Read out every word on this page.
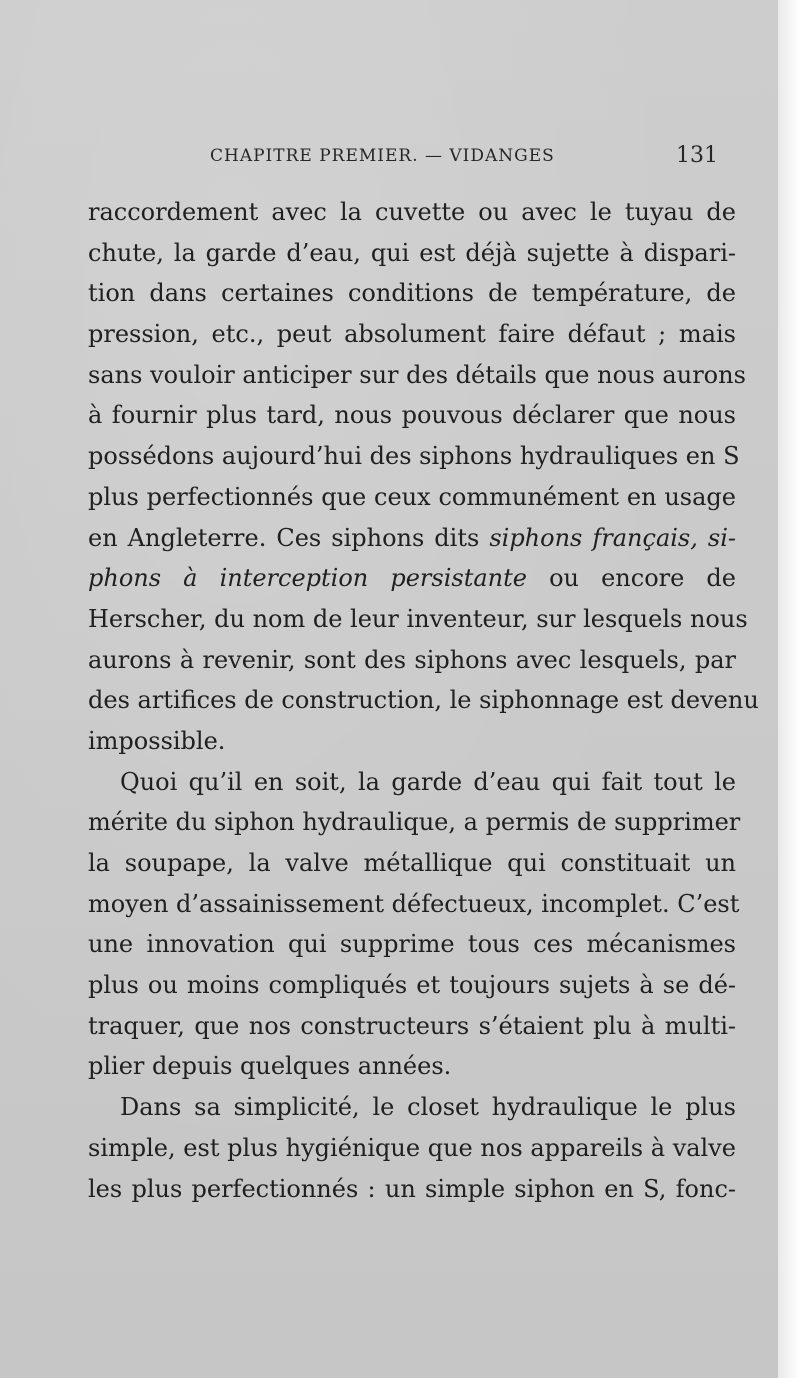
CHAPITRE PREMIER. — VIDANGES	131
raccordement avec la cuvette ou avec le tuyau de
chute, la garde d’eau, qui est déjà sujette à dispari-
tion dans certaines conditions de température, de
pression, etc., peut absolument faire défaut ; mais
sans vouloir anticiper sur des détails que nous aurons
à fournir plus tard, nous pouvous déclarer que nous
possédons aujourd’hui des siphons hydrauliques en S
plus perfectionnés que ceux communément en usage
en Angleterre. Ces siphons dits siphons français, si-
phons à interception persistante ou encore de
Herscher, du nom de leur inventeur, sur lesquels nous
aurons à revenir, sont des siphons avec lesquels, par
des artifices de construction, le siphonnage est devenu
impossible.
Quoi qu’il en soit, la garde d’eau qui fait tout le
mérite du siphon hydraulique, a permis de supprimer
la soupape, la valve métallique qui constituait un
moyen d’assainissement défectueux, incomplet. C’est
une innovation qui supprime tous ces mécanismes
plus ou moins compliqués et toujours sujets à se dé-
traquer, que nos constructeurs s’étaient plu à multi-
plier depuis quelques années.
Dans sa simplicité, le closet hydraulique le plus
simple, est plus hygiénique que nos appareils à valve
les plus perfectionnés : un simple siphon en S, fonc-
